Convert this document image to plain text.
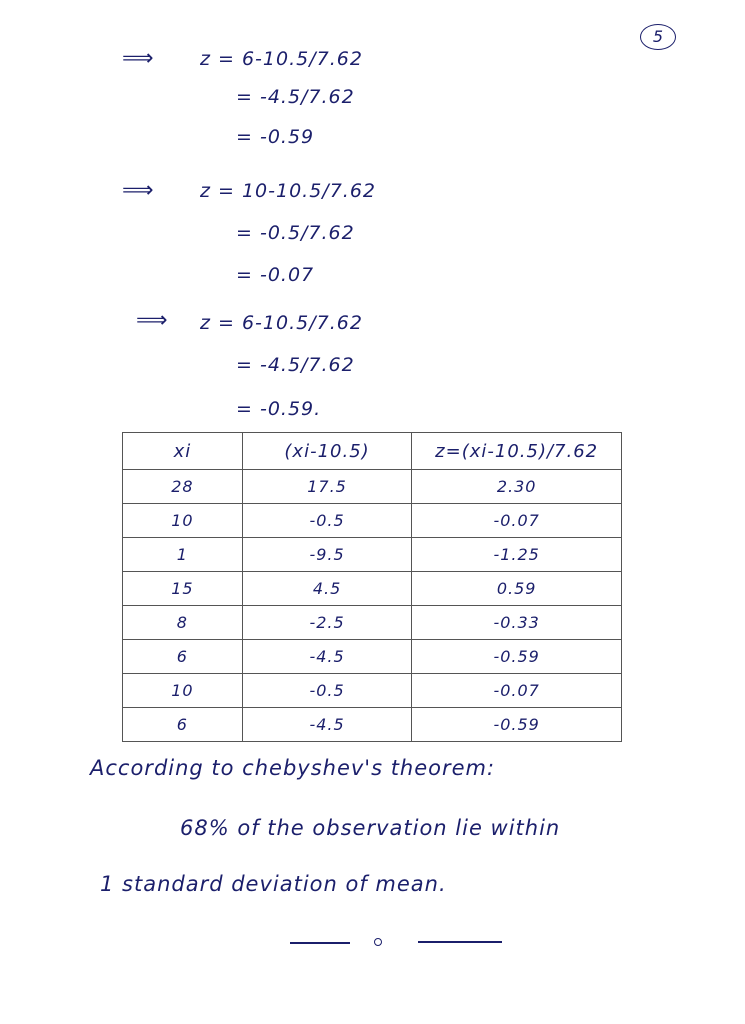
5
⟹ z = 6-10.5/7.62
= -4.5/7.62
= -0.59
⟹ z = 10-10.5/7.62
= -0.5/7.62
= -0.07
⟹ z = 6-10.5/7.62
= -4.5/7.62
= -0.59.
xi	(xi-10.5)	z=(xi-10.5)/7.62
28	17.5	2.30
10	-0.5	-0.07
1	-9.5	-1.25
15	4.5	0.59
8	-2.5	-0.33
6	-4.5	-0.59
10	-0.5	-0.07
6	-4.5	-0.59
According to chebyshev's theorem:
68% of the observation lie within
1 standard deviation of mean.
